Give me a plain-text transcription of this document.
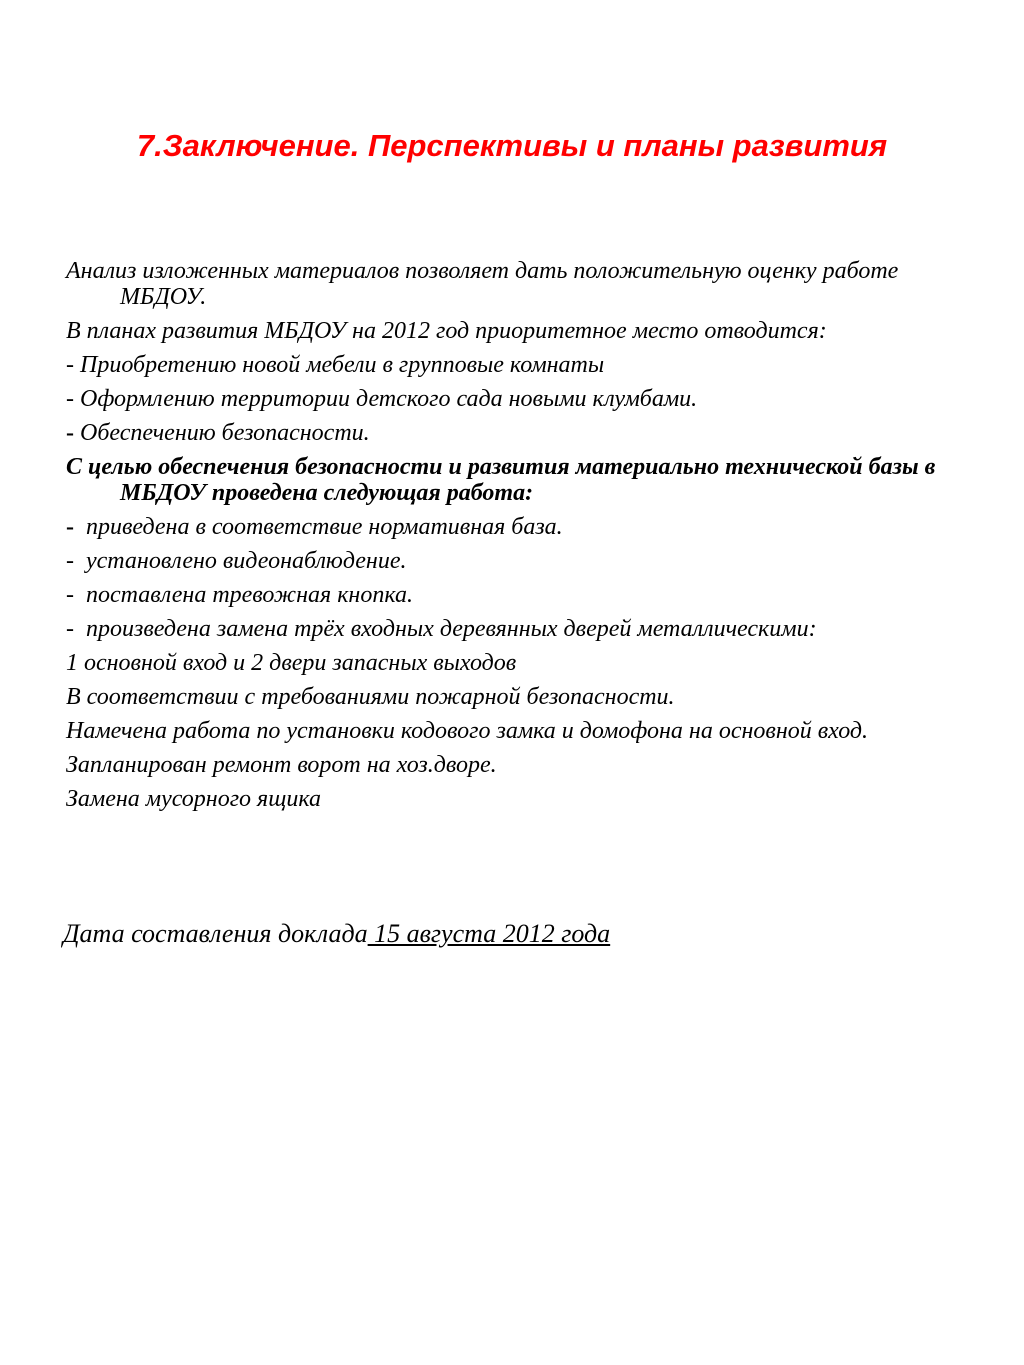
7.Заключение. Перспективы и планы развития

Анализ изложенных материалов позволяет дать положительную оценку работе МБДОУ.

В планах развития МБДОУ на 2012 год приоритетное место отводится:

- Приобретению новой мебели в групповые комнаты

- Оформлению территории детского сада новыми клумбами.

- Обеспечению безопасности.

С целью обеспечения безопасности и развития материально технической базы в МБДОУ проведена следующая работа:

- приведена в соответствие нормативная база.

- установлено видеонаблюдение.

- поставлена тревожная кнопка.

- произведена замена трёх входных деревянных дверей металлическими:

1 основной вход и 2 двери запасных выходов

В соответствии с требованиями пожарной безопасности.

Намечена работа по установки кодового замка и домофона на основной вход.

Запланирован ремонт ворот на хоз.дворе.

Замена мусорного ящика

Дата составления доклада 15 августа 2012 года
